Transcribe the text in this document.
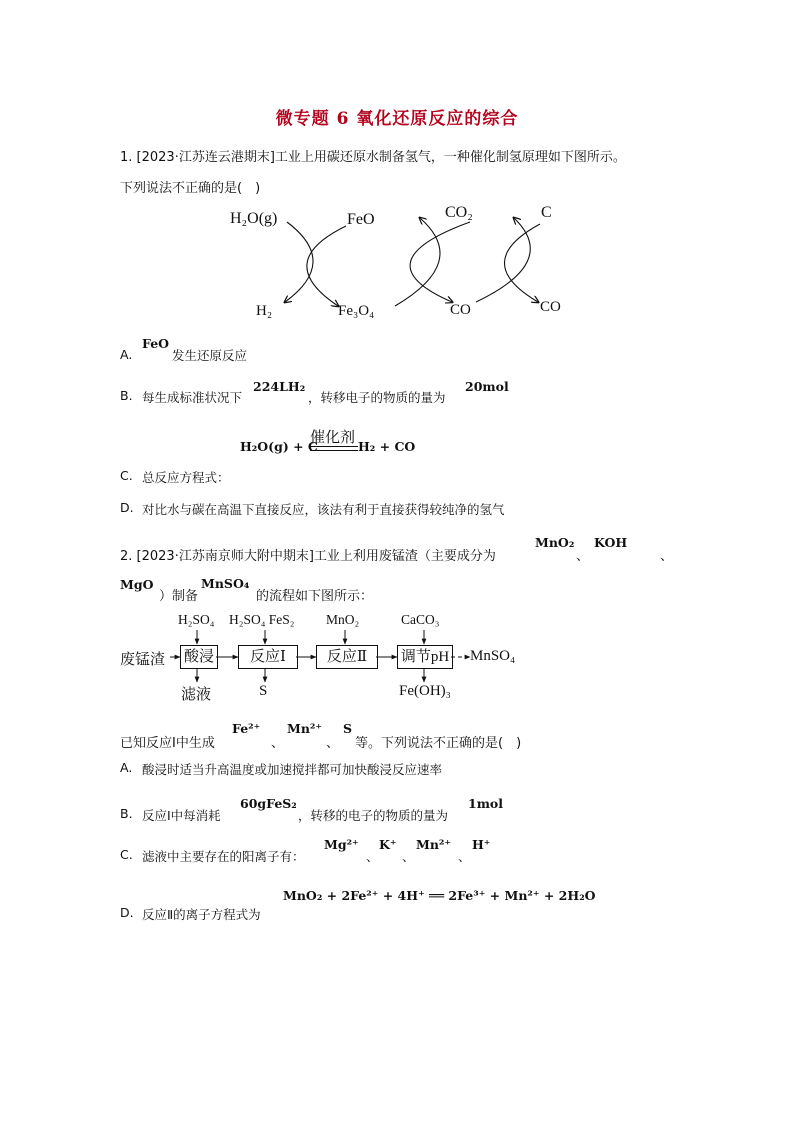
微专题 6 氧化还原反应的综合
1. [2023·江苏连云港期末]工业上用碳还原水制备氢气，一种催化制氢原理如下图所示。
下列说法不正确的是(　)
H₂O(g)	FeO	CO₂	C
H₂	Fe₃O₄	CO	CO
A.
FeO
发生还原反应
B. 每生成标准状况下
224LH₂
，转移电子的物质的量为
20mol
H₂O(g) + C
催化剂
H₂ + CO
C. 总反应方程式：
D. 对比水与碳在高温下直接反应，该法有利于直接获得较纯净的氢气
2. [2023·江苏南京师大附中期末]工业上利用废锰渣（主要成分为
MnO₂
、
KOH
、
MgO
）制备
MnSO₄
的流程如下图所示：
废锰渣 酸浸	反应Ⅰ	反应Ⅱ	调节pH MnSO₄
H₂SO₄ H₂SO₄ FeS₂ MnO₂	CaCO₃
滤液	S	Fe(OH)₃
已知反应Ⅰ中生成
Fe²⁺
、
Mn²⁺
、
S
等。下列说法不正确的是(　)
A. 酸浸时适当升高温度或加速搅拌都可加快酸浸反应速率
B. 反应Ⅰ中每消耗
60gFeS₂
，转移的电子的物质的量为
1mol
C. 滤液中主要存在的阳离子有：
Mg²⁺
、
K⁺
、
Mn²⁺
、
H⁺
MnO₂ + 2Fe²⁺ + 4H⁺ ══ 2Fe³⁺ + Mn²⁺ + 2H₂O
D. 反应Ⅱ的离子方程式为
